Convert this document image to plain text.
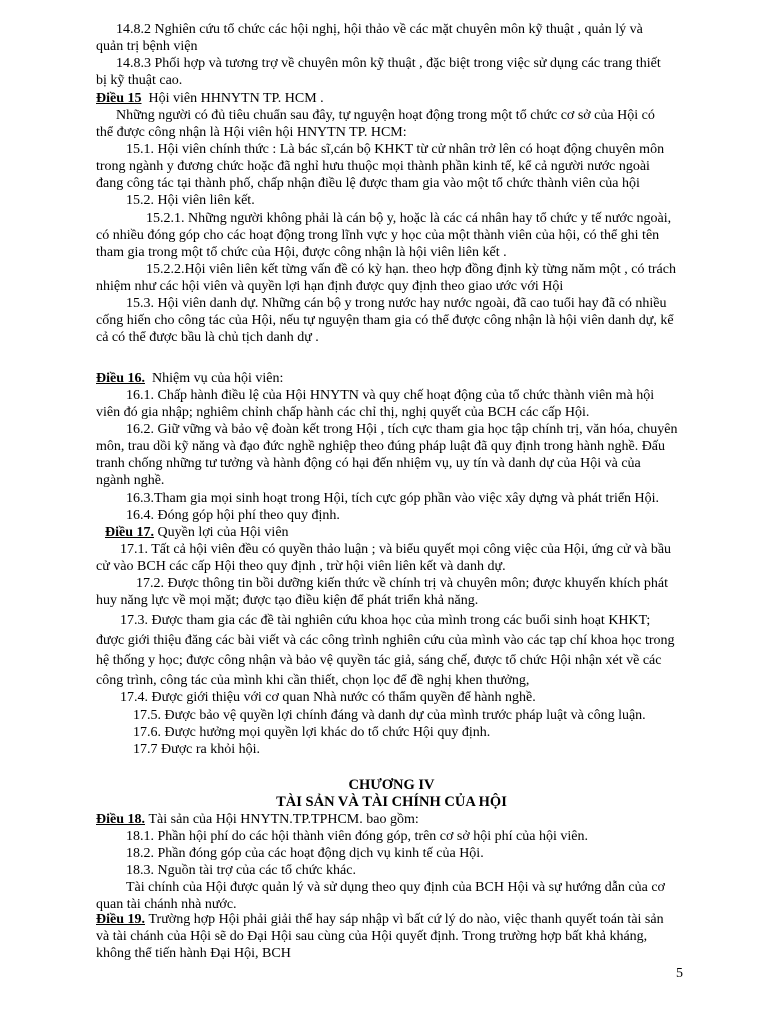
14.8.2 Nghiên cứu tổ chức các hội nghị, hội thảo về các mặt chuyên môn kỹ thuật , quản lý và
quản trị bệnh viện
14.8.3 Phối hợp và tương trợ về chuyên môn kỹ thuật , đặc biệt trong việc sử dụng các trang thiết
bị kỹ thuật cao.
Điều 15 Hội viên HHNYTN TP. HCM .
Những người có đủ tiêu chuẩn sau đây, tự nguyện hoạt động trong một tổ chức cơ sở của Hội có
thể được công nhận là Hội viên hội HNYTN TP. HCM:
15.1. Hội viên chính thức : Là bác sĩ,cán bộ KHKT từ cử nhân trở lên có hoạt động chuyên môn
trong ngành y đương chức hoặc đã nghỉ hưu thuộc mọi thành phần kinh tế, kể cả người nước ngoài
đang công tác tại thành phố, chấp nhận điều lệ được tham gia vào một tổ chức thành viên của hội
15.2. Hội viên liên kết.
15.2.1. Những người không phải là cán bộ y, hoặc là các cá nhân hay tổ chức y tế nước ngoài,
có nhiều đóng góp cho các hoạt động trong lĩnh vực y học của một thành viên của hội, có thể ghi tên
tham gia trong một tổ chức của Hội, được công nhận là hội viên liên kết .
15.2.2.Hội viên liên kết từng vấn đề có kỳ hạn. theo hợp đồng định kỳ từng năm một , có trách
nhiệm như các hội viên và quyền lợi hạn định được quy định theo giao ước với Hội
15.3. Hội viên danh dự. Những cán bộ y trong nước hay nước ngoài, đã cao tuổi hay đã có nhiều
cống hiến cho công tác của Hội, nếu tự nguyện tham gia có thể được công nhận là hội viên danh dự, kể
cả có thể được bầu là chủ tịch danh dự .
Điều 16. Nhiệm vụ của hội viên:
16.1. Chấp hành điều lệ của Hội HNYTN và quy chế hoạt động của tổ chức thành viên mà hội
viên đó gia nhập; nghiêm chỉnh chấp hành các chỉ thị, nghị quyết của BCH các cấp Hội.
16.2. Giữ vững và bảo vệ đoàn kết trong Hội , tích cực tham gia học tập chính trị, văn hóa, chuyên
môn, trau dồi kỹ năng và đạo đức nghề nghiệp theo đúng pháp luật đã quy định trong hành nghề. Đấu
tranh chống những tư tưởng và hành động có hại đến nhiệm vụ, uy tín và danh dự của Hội và của
ngành nghề.
16.3.Tham gia mọi sinh hoạt trong Hội, tích cực góp phần vào việc xây dựng và phát triển Hội.
16.4. Đóng góp hội phí theo quy định.
Điều 17. Quyền lợi của Hội viên
17.1. Tất cả hội viên đều có quyền thảo luận ; và biểu quyết mọi công việc của Hội, ứng cử và bầu
cử vào BCH các cấp Hội theo quy định , trừ hội viên liên kết và danh dự.
17.2. Được thông tin bồi dưỡng kiến thức về chính trị và chuyên môn; được khuyến khích phát
huy năng lực về mọi mặt; được tạo điều kiện để phát triển khả năng.
17.3. Được tham gia các đề tài nghiên cứu khoa học của mình trong các buổi sinh hoạt KHKT;
được giới thiệu đăng các bài viết và các công trình nghiên cứu của mình vào các tạp chí khoa học trong
hệ thống y học; được công nhận và bảo vệ quyền tác giả, sáng chế, được tổ chức Hội nhận xét về các
công trình, công tác của mình khi cần thiết, chọn lọc để đề nghị khen thưởng,
17.4. Được giới thiệu với cơ quan Nhà nước có thẩm quyền để hành nghề.
17.5. Được bảo vệ quyền lợi chính đáng và danh dự của mình trước pháp luật và công luận.
17.6. Được hưởng mọi quyền lợi khác do tổ chức Hội quy định.
17.7 Được ra khỏi hội.
CHƯƠNG IV
TÀI SẢN VÀ TÀI CHÍNH CỦA HỘI
Điều 18. Tài sản của Hội HNYTN.TP.TPHCM. bao gồm:
18.1. Phần hội phí do các hội thành viên đóng góp, trên cơ sở hội phí của hội viên.
18.2. Phần đóng góp của các hoạt động dịch vụ kinh tế của Hội.
18.3. Nguồn tài trợ của các tổ chức khác.
Tài chính của Hội được quản lý và sử dụng theo quy định của BCH Hội và sự hướng dẫn của cơ
quan tài chánh nhà nước.
Điều 19. Trường hợp Hội phải giải thể hay sáp nhập vì bất cứ lý do nào, việc thanh quyết toán tài sản
và tài chánh của Hội sẽ do Đại Hội sau cùng của Hội quyết định. Trong trường hợp bất khả kháng,
không thể tiến hành Đại Hội, BCH
5
